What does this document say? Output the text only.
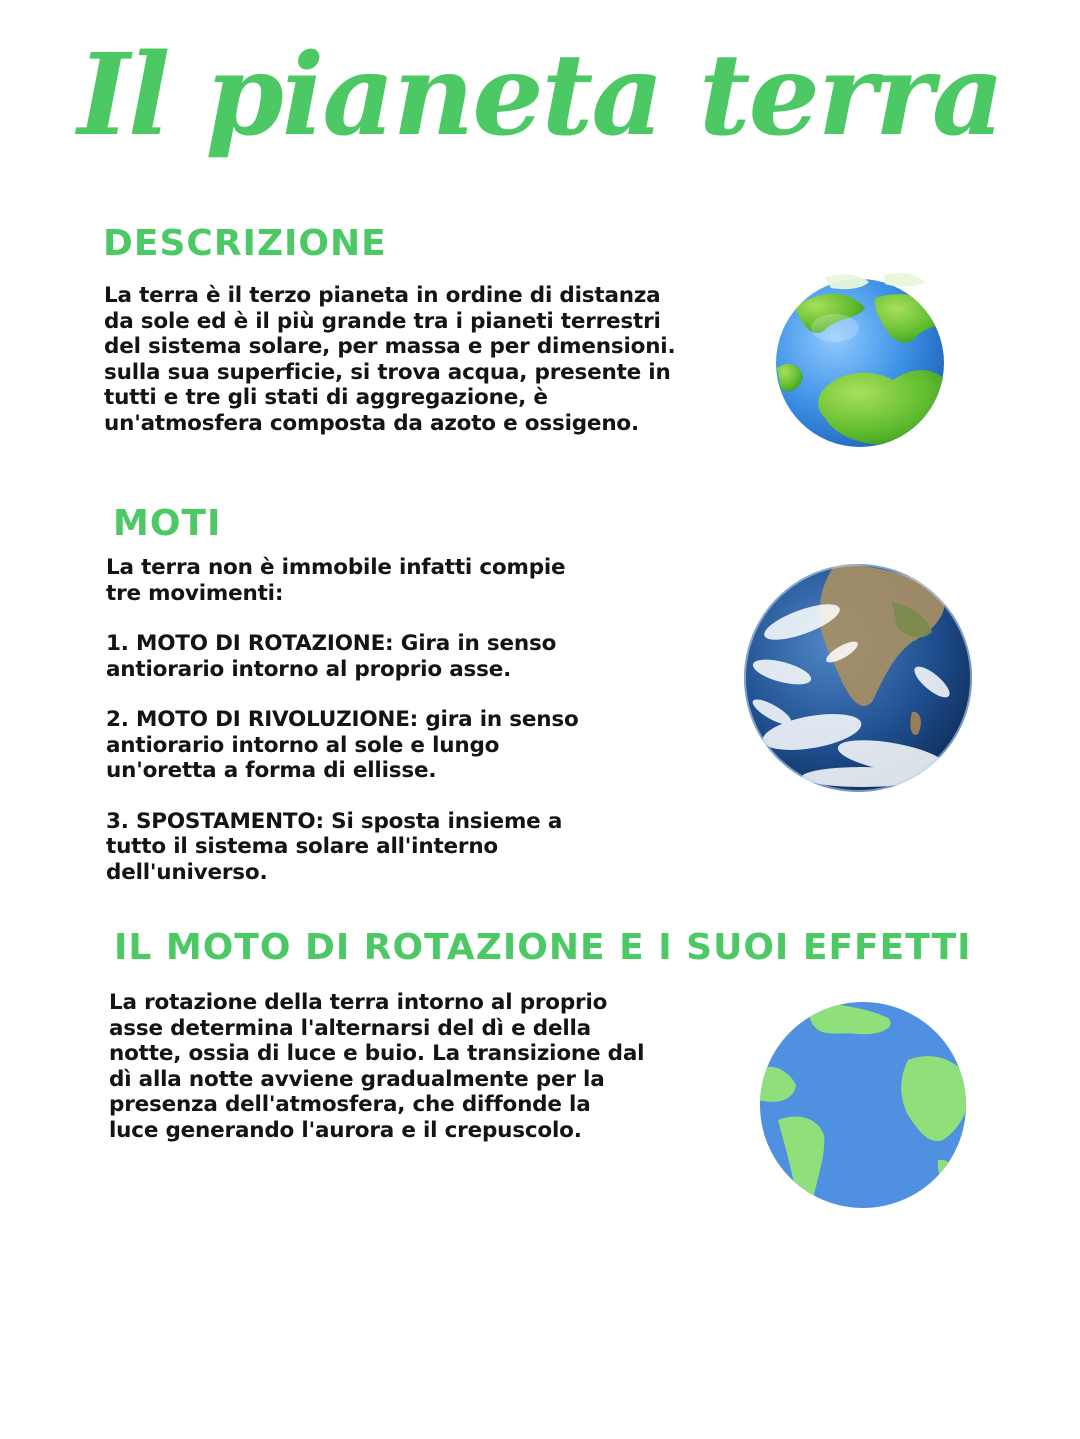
Il pianeta terra
DESCRIZIONE
La terra è il terzo pianeta in ordine di distanza
da sole ed è il più grande tra i pianeti terrestri
del sistema solare, per massa e per dimensioni.
sulla sua superficie, si trova acqua, presente in
tutti e tre gli stati di aggregazione, è
un'atmosfera composta da azoto e ossigeno.
MOTI
La terra non è immobile infatti compie
tre movimenti:
1. MOTO DI ROTAZIONE: Gira in senso
antiorario intorno al proprio asse.
2. MOTO DI RIVOLUZIONE: gira in senso
antiorario intorno al sole e lungo
un'oretta a forma di ellisse.
3. SPOSTAMENTO: Si sposta insieme a
tutto il sistema solare all'interno
dell'universo.
IL MOTO DI ROTAZIONE E I SUOI EFFETTI
La rotazione della terra intorno al proprio
asse determina l'alternarsi del dì e della
notte, ossia di luce e buio. La transizione dal
dì alla notte avviene gradualmente per la
presenza dell'atmosfera, che diffonde la
luce generando l'aurora e il crepuscolo.
